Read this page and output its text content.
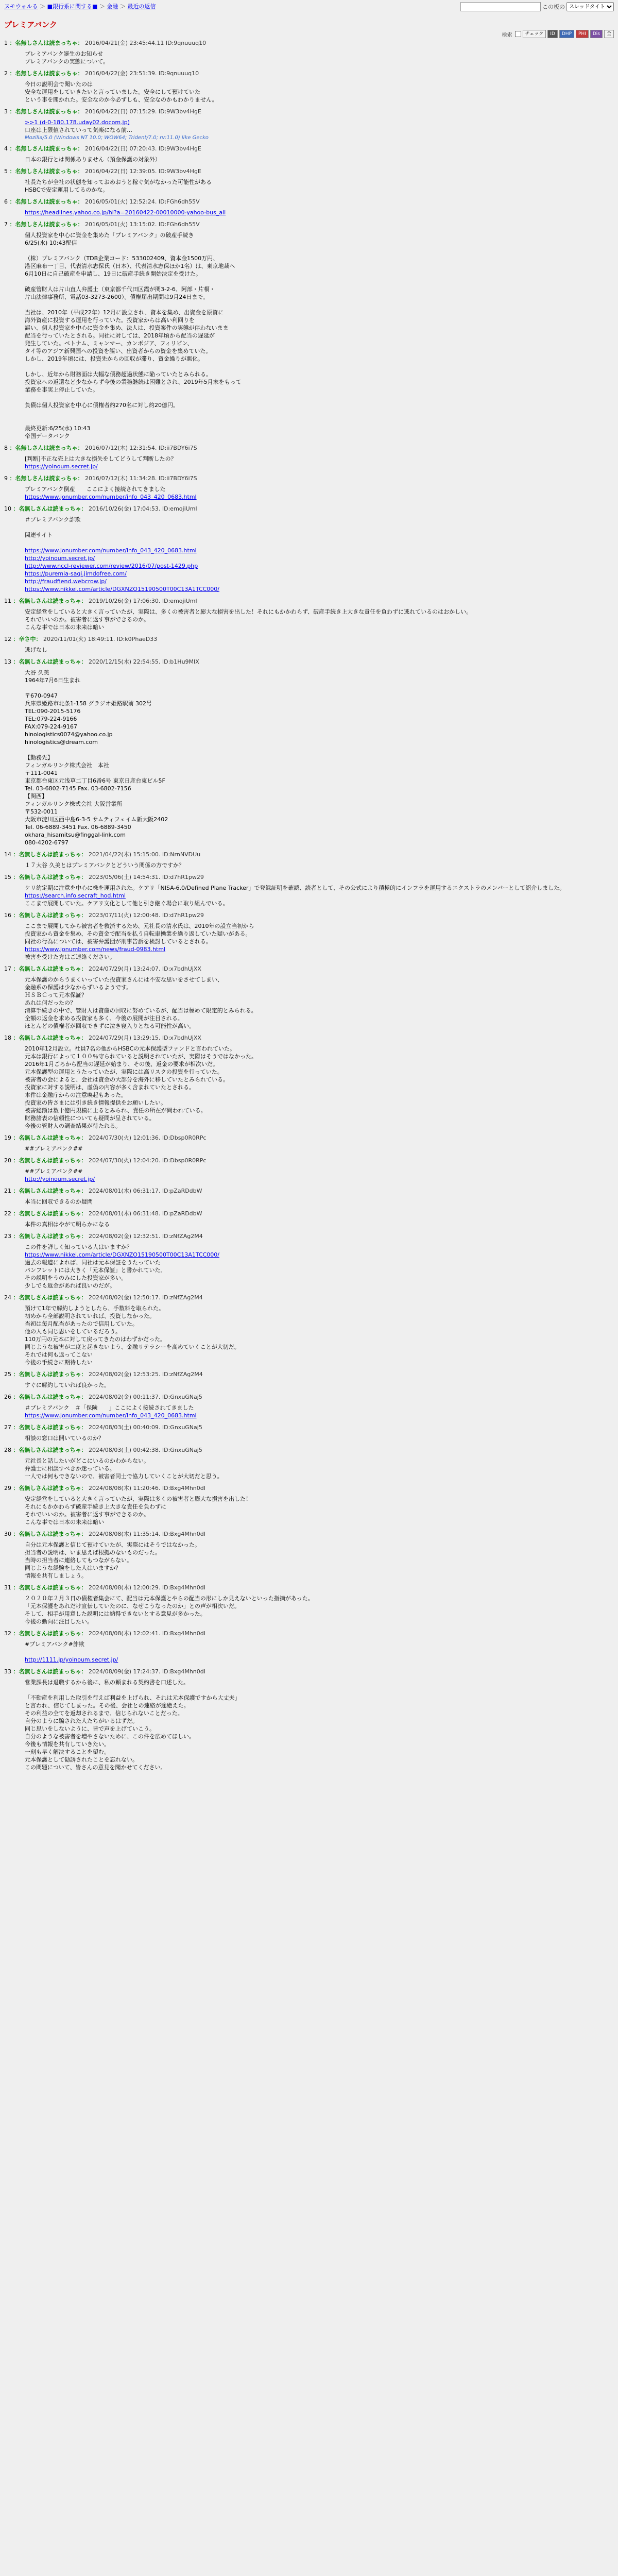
ヌモウォルる ＞ ■銀行系に関する■ ＞ 金融 ＞ 最近の返信	この板の
スレッドタイトル
プレミアバンク
検索	チェック	ID	DHP	PHI	Dis	全
1 ：名無しさんは読まっちゃ： 2016/04/21(金) 23:45:44.11 ID:9qnuuuq10
プレミアバンク誕生のお知らせ
プレミアバンクの実態について。
2 ：名無しさんは読まっちゃ： 2016/04/22(金) 23:51:39. ID:9qnuuuq10
今日の説明会で聞いたのは
安全な運用をしていきたいと言っていました。安全にして預けていた
という事を聞かれた。安全なのか今必ずしも、安全なのかもわかりません。
3 ：名無しさんは読まっちゃ： 2016/04/22(日) 07:15:29. ID:9W3bv4HgE
>>1 (d-0-180.178.uday02.docom.jp)
口座は上限値されていって気楽になる前…
Mozilla/5.0 (Windows NT 10.0; WOW64; Trident/7.0; rv:11.0) like Gecko
4 ：名無しさんは読まっちゃ： 2016/04/22(日) 07:20:43. ID:9W3bv4HgE
日本の銀行とは関係ありません（預金保護の対象外）
5 ：名無しさんは読まっちゃ： 2016/04/22(日) 12:39:05. ID:9W3bv4HgE
社長たちが全社の状態を知っておめおうと稼ぐ気がなかった可能性がある
HSBCで安定運用してるのかな。
6 ：名無しさんは読まっちゃ： 2016/05/01(火) 12:52:24. ID:FGh6dh55V
https://headlines.yahoo.co.jp/hl?a=20160422-00010000-yahoo-bus_all
7 ：名無しさんは読まっちゃ： 2016/05/01(火) 13:15:02. ID:FGh6dh55V
個人投資家を中心に資金を集めた「プレミアバンク」の破産手続き
6/25(水) 10:43配信

（株）プレミアバンク（TDB企業コード：533002409、資本金1500万円、
港区麻布一丁目、代表清水志保氏（日本）、代表清水志保ほか1名）は、東京地裁へ
6月10日に自己破産を申請し、19日に破産手続き開始決定を受けた。

破産管財人は片山直人弁護士（東京都千代田区霞が関3-2-6、阿部・片桐・
片山法律事務所、電話03-3273-2600）。債権届出期間は9月24日まで。

当社は、2010年（平成22年）12月に設立され、資本を集め、出資金を原資に
海外資産に投資する運用を行っていた。投資家からは高い利回りを
謳い、個人投資家を中心に資金を集め、法人は、投資案件の実態が伴わないまま
配当を行っていたとされる。同社に対しては、2018年頃から配当の遅延が
発生していた。ベトナム、ミャンマー、カンボジア、フィリピン、
タイ等のアジア新興国への投資を謳い、出資者からの資金を集めていた。
しかし、2019年頃には、投資先からの回収が滞り、資金繰りが悪化。

しかし、近年から財務面は大幅な債務超過状態に陥っていたとみられる。
投資家への返還など少なからず今後の業務継続は困難とされ、2019年5月末をもって
業務を事実上停止していた。

負債は個人投資家を中心に債権者約270名に対し約20億円。

最終更新:6/25(水) 10:43
帝国データバンク
8 ：名無しさんは読まっちゃ： 2016/07/12(木) 12:31:54. ID:ii7BDY6i7S
[判断]不正な売上は大きな損失をしてどうして判断したの？
https://yoinoum.secret.jp/
9 ：名無しさんは読まっちゃ： 2016/07/12(木) 11:34:28. ID:ii7BDY6i7S
プレミアバンク倒産　　ここによく接続されてきました
https://www.jonumber.com/number/info_043_420_0683.html
10 ：名無しさんは読まっちゃ： 2016/10/26(金) 17:04:53. ID:emojiUmI
＃プレミアバンク詐欺

関連サイト

https://www.jonumber.com/number/info_043_420_0683.html
http://yoinoum.secret.jp/
http://www.nccl-reviewer.com/review/2016/07/post-1429.php
https://puremia-saqi.jimdofree.com/
http://fraudfiend.webcrow.jp/
https://www.nikkei.com/article/DGXNZO15190500T00C13A1TCC000/
11 ：名無しさんは読まっちゃ： 2019/10/26(金) 17:06:30. ID:emojiUmI
安定経営をしていると大きく言っていたが、実際は、多くの被害者と膨大な損害を出した！それにもかかわらず、破産手続き上大きな責任を負わずに逃れているのはおかしい。
それでいいのか。被害者に返す事ができるのか。
こんな事では日本の未来は暗い
12 ：辛さ中： 2020/11/01(火) 18:49:11. ID:k0PhaeD33
逃げなし
13 ：名無しさんは読まっちゃ： 2020/12/15(木) 22:54:55. ID:b1Hu9MIX
大谷 久美
1964年7月6日生まれ

〒670-0947
兵庫県姫路市北条1-158 グラジオ姫路駅前 302号
TEL:090-2015-5176
TEL:079-224-9166
FAX:079-224-9167
hinologistics0074@yahoo.co.jp
hinologistics@dream.com

【勤務先】
フィンガルリンク株式会社　本社
〒111-0041
東京都台東区元浅草二丁目6番6号 東京日産台東ビル5F
Tel. 03-6802-7145 Fax. 03-6802-7156
【関西】
フィンガルリンク株式会社 大阪営業所
〒532-0011
大阪市淀川区西中島6-3-5 サムティフェイム新大阪2402
Tel. 06-6889-3451 Fax. 06-6889-3450
okhara_hisamitsu@finggal-link.com
080-4202-6797
14 ：名無しさんは読まっちゃ： 2021/04/22(木) 15:15:00. ID:NrnNVDUu
１７大谷 久美とはプレミアバンクとどういう関係の方ですか？
15 ：名無しさんは読まっちゃ： 2023/05/06(土) 14:54:31. ID:d7hR1pw29
ケリ約定期に注意を中心に株を運用された。ケアリ「NISA-6.0/Defined Plane Tracker」で登録証明を確認、読者として、その公式により積極的にインフラを運用するエクストラのメンバーとして紹介しました。
https://search.info.secraft_hod.html
ここまで展開していた。ケアリ文化として他と引き継ぐ場合に取り組んでいる。
16 ：名無しさんは読まっちゃ： 2023/07/11(火) 12:00:48. ID:d7hR1pw29
ここまで展開してから被害者を救済するため、元社長の清水氏は、2010年の設立当初から
投資家から資金を集め、その資金で配当を払う自転車操業を繰り返していた疑いがある。
同社の行為については、被害弁護団が刑事告訴を検討しているとされる。
https://www.jonumber.com/news/fraud-0983.html
被害を受けた方はご連絡ください。
17 ：名無しさんは読まっちゃ： 2024/07/29(月) 13:24:07. ID:x7bdhUjXX
元本保護のからうまくいっていた投資家さんには不安な思いをさせてしまい、
金融系の保護は少なからずいるようです。
ＨＳＢＣって元本保証？
あれは何だったの？
清算手続きの中で、管財人は資産の回収に努めているが、配当は極めて限定的とみられる。
全額の返金を求める投資家も多く、今後の展開が注目される。
ほとんどの債権者が回収できずに泣き寝入りとなる可能性が高い。
18 ：名無しさんは読まっちゃ： 2024/07/29(月) 13:29:15. ID:x7bdhUjXX
2010年12月設立。社員7名の他からHSBCの元本保護型ファンドと言われていた。
元本は銀行によって１００％守られていると説明されていたが、実際はそうではなかった。
2016年1月ごろから配当の遅延が始まり、その後、返金の要求が相次いだ。
元本保護型の運用とうたっていたが、実際には高リスクの投資を行っていた。
被害者の会によると、会社は資金の大部分を海外に移していたとみられている。
投資家に対する説明は、虚偽の内容が多く含まれていたとされる。
本件は金融庁からの注意喚起もあった。
投資家の皆さまには引き続き情報提供をお願いしたい。
被害総額は数十億円規模に上るとみられ、責任の所在が問われている。
財務諸表の信頼性についても疑問が呈されている。
今後の管財人の調査結果が待たれる。
19 ：名無しさんは読まっちゃ： 2024/07/30(火) 12:01:36. ID:Dbsp0R0RPc
##プレミアバンク##
20 ：名無しさんは読まっちゃ： 2024/07/30(火) 12:04:20. ID:Dbsp0R0RPc
##プレミアバンク##
http://yoinoum.secret.jp/
21 ：名無しさんは読まっちゃ： 2024/08/01(木) 06:31:17. ID:pZaRDdbW
本当に回収できるのか疑問
22 ：名無しさんは読まっちゃ： 2024/08/01(木) 06:31:48. ID:pZaRDdbW
本件の真相はやがて明らかになる
23 ：名無しさんは読まっちゃ： 2024/08/02(金) 12:32:51. ID:zNfZAg2M4
この件を詳しく知っている人はいますか？
https://www.nikkei.com/article/DGXNZO15190500T00C13A1TCC000/
過去の報道によれば、同社は元本保証をうたっていた
パンフレットには大きく「元本保証」と書かれていた。
その説明をうのみにした投資家が多い。
少しでも返金があれば良いのだが。
24 ：名無しさんは読まっちゃ： 2024/08/02(金) 12:50:17. ID:zNfZAg2M4
預けて1年で解約しようとしたら、手数料を取られた。
初めから全部説明されていれば、投資しなかった。
当初は毎月配当があったので信用していた。
他の人も同じ思いをしているだろう。
110万円の元本に対して戻ってきたのはわずかだった。
同じような被害が二度と起きないよう、金融リテラシーを高めていくことが大切だ。
それでは何も返ってこない
今後の手続きに期待したい
25 ：名無しさんは読まっちゃ： 2024/08/02(金) 12:53:25. ID:zNfZAg2M4
すぐに解約していれば良かった。
26 ：名無しさんは読まっちゃ： 2024/08/02(金) 00:11:37. ID:GnxuGNaj5
＃プレミアバンク　＃「保険　　」ここによく接続されてきました
https://www.jonumber.com/number/info_043_420_0683.html
27 ：名無しさんは読まっちゃ： 2024/08/03(土) 00:40:09. ID:GnxuGNaj5
相談の窓口は開いているのか？
28 ：名無しさんは読まっちゃ： 2024/08/03(土) 00:42:38. ID:GnxuGNaj5
元社長と話したいがどこにいるのかわからない。
弁護士に相談すべきか迷っている。
一人では何もできないので、被害者同士で協力していくことが大切だと思う。
29 ：名無しさんは読まっちゃ： 2024/08/08(木) 11:20:46. ID:Bxg4Mhn0dI
安定経営をしていると大きく言っていたが、実際は多くの被害者と膨大な損害を出した！
それにもかかわらず破産手続き上大きな責任を負わずに
それでいいのか。被害者に返す事ができるのか。
こんな事では日本の未来は暗い
30 ：名無しさんは読まっちゃ： 2024/08/08(木) 11:35:14. ID:Bxg4Mhn0dI
自分は元本保護と信じて預けていたが、実際にはそうではなかった。
担当者の説明は、いま思えば根拠のないものだった。
当時の担当者に連絡してもつながらない。
同じような経験をした人はいますか？
情報を共有しましょう。
31 ：名無しさんは読まっちゃ： 2024/08/08(木) 12:00:29. ID:Bxg4Mhn0dI
２０２０年２月３日の債権者集会にて、配当は元本保護とやらの配当の形にしか見えないといった指摘があった。
「元本保護をあれだけ宣伝していたのに、なぜこうなったのか」との声が相次いだ。
そして、相手が用意した説明には納得できないとする意見が多かった。
今後の動向に注目したい。
32 ：名無しさんは読まっちゃ： 2024/08/08(木) 12:02:41. ID:Bxg4Mhn0dI
#プレミアバンク#詐欺

http://1111.jp/yoinoum.secret.jp/
33 ：名無しさんは読まっちゃ： 2024/08/09(金) 17:24:37. ID:Bxg4Mhn0dI
営業課長は退職するから後に、私の頼まれる契約書を口述した。

「不動産を利用した取引を行えば利益を上げられ、それは元本保護ですから大丈夫」
と言われ、信じてしまった。その後、会社との連絡が途絶えた。
その利益の全てを返却されるまで、信じられないことだった。
自分のように騙された人たちがいるはずだ。
同じ思いをしないように、皆で声を上げていこう。
自分のような被害者を増やさないために、この件を広めてほしい。
今後も情報を共有していきたい。
一刻も早く解決することを望む。
元本保護として勧誘されたことを忘れない。
この問題について、皆さんの意見を聞かせてください。
